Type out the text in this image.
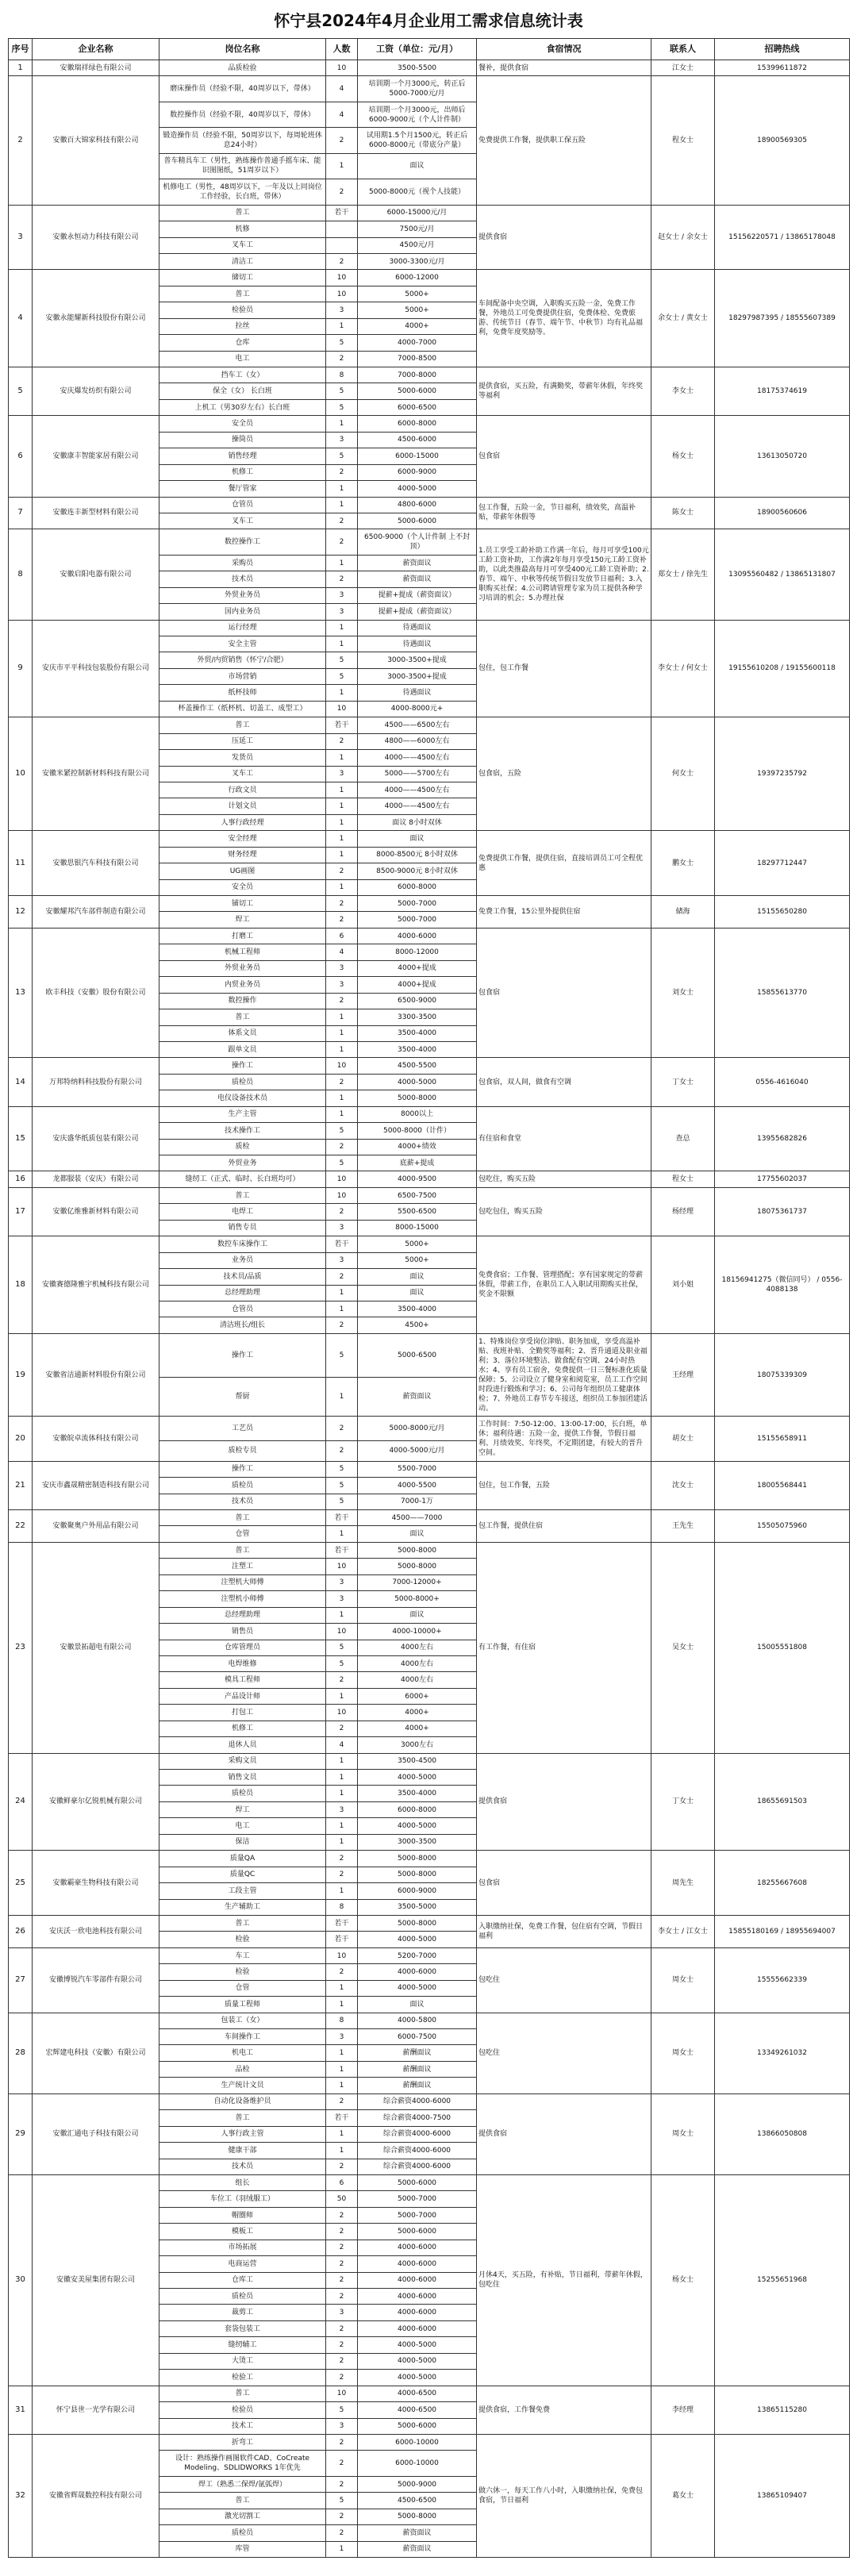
怀宁县2024年4月企业用工需求信息统计表
序号	企业名称	岗位名称	人数	工资（单位：元/月）	食宿情况	联系人	招聘热线
1	安徽瑞祥绿色有限公司	品质检验	10	3500-5500	餐补，提供食宿	江女士	15399611872
2	安徽百大锦家科技有限公司	磨床操作员（经验不限，40周岁以下，带休）	4	培训期一个月3000元，转正后5000-7000元/月	免费提供工作餐，提供职工保五险	程女士	18900569305
		数控操作员（经验不限，40周岁以下，带休）	4	培训期一个月3000元，出师后6000-9000元（个人计件制）			
		锻造操作员（经验不限，50周岁以下，每周轮班休息24小时）	2	试用期1.5个月1500元，转正后6000-8000元（带底分产量）			
		普车精具车工（男性，熟练操作普通手摇车床、能识图图纸，51周岁以下）	1	面议			
		机修电工（男性，48周岁以下，一年及以上同岗位工作经验，长白班，带休）	2	5000-8000元（视个人技能）			
3	安徽永恒动力科技有限公司	普工	若干	6000-15000元/月	提供食宿	赵女士 / 余女士	15156220571 / 13865178048
		机修		7500元/月			
		叉车工		4500元/月			
		清洁工	2	3000-3300元/月			
4	安徽永能耀新科技股份有限公司	储切工	10	6000-12000	车间配备中央空调，入职购买五险一金，免费工作餐，外地员工可免费提供住宿，免费体检、免费旅游、传统节日（春节、端午节、中秋节）均有礼品福利，免费年度奖励等。	余女士 / 黄女士	18297987395 / 18555607389
		普工	10	5000+			
		检验员	3	5000+			
		拉丝	1	4000+			
		仓库	5	4000-7000			
		电工	2	7000-8500			
5	安庆爆发纺织有限公司	挡车工（女）	8	7000-8000	提供食宿，买五险，有满勤奖，带薪年休假，年终奖等福利	李女士	18175374619
		保全（女） 长白班	5	5000-6000			
		上机工（男30岁左右）长白班	5	6000-6500			
6	安徽康丰智能家居有限公司	安全员	1	6000-8000	包食宿	杨女士	13613050720
		操筒员	3	4500-6000			
		销售经理	5	6000-15000			
		机修工	2	6000-9000			
		餐厅管家	1	4000-5000			
7	安徽连丰新型材料有限公司	仓管员	1	4800-6000	包工作餐，五险一金，节日福利，绩效奖，高温补贴，带薪年休假等	陈女士	18900560606
		叉车工	2	5000-6000			
8	安徽启阳电器有限公司	数控操作工	2	6500-9000（个人计件制 上不封顶）	1.员工享受工龄补助工作满一年后，每月可享受100元工龄工资补助，工作满2年每月享受150元工龄工资补助，以此类推最高每月可享受400元工龄工资补助；2.春节、端午、中秋等传统节假日发放节日福利；3.入职购买社保；4.公司聘请管理专家为员工提供各种学习培训的机会；5.办理社保	郑女士 / 徐先生	13095560482 / 13865131807
		采购员	1	薪资面议			
		技术员	2	薪资面议			
		外贸业务员	3	提薪+提成（薪资面议）			
		国内业务员	3	提薪+提成（薪资面议）			
9	安庆市平平科技包装股份有限公司	运行经理	1	待遇面议	包住，包工作餐	李女士 / 何女士	19155610208 / 19155600118
		安全主管	1	待遇面议			
		外贸/内贸销售（怀宁/合肥）	5	3000-3500+提成			
		市场营销	5	3000-3500+提成			
		纸杯技师	1	待遇面议			
		杯盖操作工（纸杯机、切盖工、成型工）	10	4000-8000元+			
10	安徽米紧控制新材料科技有限公司	普工	若干	4500——6500左右	包食宿，五险	何女士	19397235792
		压延工	2	4800——6000左右			
		发货员	1	4000——4500左右			
		叉车工	3	5000——5700左右			
		行政文员	1	4000——4500左右			
		计划文员	1	4000——4500左右			
		人事行政经理	1	面议 8小时双休			
11	安徽思银汽车科技有限公司	安全经理	1	面议	免费提供工作餐，提供住宿，直接培训员工可全程优惠	鹏女士	18297712447
		财务经理	1	8000-8500元 8小时双休			
		UG画图	2	8500-9000元 8小时双休			
		安全员	1	6000-8000			
12	安徽耀邦汽车部件制造有限公司	铺切工	2	5000-7000	免费工作餐，15公里外提供住宿	储海	15155650280
		焊工	2	5000-7000			
13	欧丰科技（安徽）股份有限公司	打磨工	6	4000-6000	包食宿	刘女士	15855613770
		机械工程师	4	8000-12000			
		外贸业务员	3	4000+提成			
		内贸业务员	3	4000+提成			
		数控操作	2	6500-9000			
		普工	1	3300-3500			
		体系文员	1	3500-4000			
		跟单文员	1	3500-4000			
14	万邦特纳料科技股份有限公司	操作工	10	4500-5500	包食宿，双人间，做食有空调	丁女士	0556-4616040
		质检员	2	4000-5000			
		电仪设备技术员	1	5000-8000			
15	安庆盛华纸质包装有限公司	生产主管	1	8000以上	有住宿和食堂	查总	13955682826
		技术操作工	5	5000-8000（计件）			
		质检	2	4000+绩效			
		外贸业务	5	底薪+提成			
16	龙都服装（安庆）有限公司	缝纫工（正式、临时、长白班均可）	10	4000-9500	包吃住，购买五险	程女士	17755602037
17	安徽亿维雅新材料有限公司	普工	10	6500-7500	包吃包住，购买五险	杨经理	18075361737
		电焊工	2	5500-6500			
		销售专员	3	8000-15000			
18	安徽赛德隆雅宇机械科技有限公司	数控车床操作工	若干	5000+	免费食宿；工作餐、管理搭配；享有国家规定的带薪休假，带薪工作，在职员工人入职试用期购买社保，奖金不限额	刘小姐	18156941275（微信同号） / 0556-4088138
		业务员	3	5000+			
		技术员/品质	2	面议			
		总经理助理	1	面议			
		仓管员	1	3500-4000			
		清洁班长/组长	2	4500+			
19	安徽省洁通新材料股份有限公司	操作工	5	5000-6500	1、特殊岗位享受岗位津贴、职务加成，享受高温补贴、夜班补贴、全勤奖等福利；2、晋升通道及职业福利；3、落位环境整洁、做食配有空调、24小时热水；4、享有员工宿舍，免费提供一日三餐标准化质量保障；5、公司设立了健身室和阅览室，员工工作空间时段进行锻炼和学习；6、公司每年组织员工健康体检；7、外地员工春节专车接送，组织员工参加团建活动。	王经理	18075339309
		帮厨	1	薪资面议			
20	安徽皖卓流体科技有限公司	工艺员	2	5000-8000元/月	工作时间：7:50-12:00、13:00-17:00，长白班，单休；福利待遇：五险一金，提供工作餐，节假日福利、月绩效奖、年终奖，不定期团建，有较大的晋升空间。	胡女士	15155658911
		质检专员	2	4000-5000元/月			
21	安庆市鑫晟精密制造科技有限公司	操作工	5	5500-7000	包住，包工作餐，五险	沈女士	18005568441
		质检员	5	4000-5500			
		技术员	5	7000-1万			
22	安徽聚奥户外用品有限公司	普工	若干	4500——7000	包工作餐，提供住宿	王先生	15505075960
		仓管	1	面议			
23	安徽景拓超电有限公司	普工	若干	5000-8000	有工作餐，有住宿	吴女士	15005551808
		注塑工	10	5000-8000			
		注塑机大师傅	3	7000-12000+			
		注塑机小师傅	3	5000-8000+			
		总经理助理	1	面议			
		销售员	10	4000-10000+			
		仓库管理员	5	4000左右			
		电焊维修	5	4000左右			
		模具工程师	2	4000左右			
		产品设计师	1	6000+			
		打包工	10	4000+			
		机修工	2	4000+			
		退休人员	4	3000左右			
24	安徽鲜豪尔亿锐机械有限公司	采购文员	1	3500-4500	提供食宿	丁女士	18655691503
		销售文员	1	4000-5000			
		质检员	1	3500-4000			
		焊工	3	6000-8000			
		电工	1	4000-5000			
		保洁	1	3000-3500			
25	安徽霸豪生物科技有限公司	质量QA	2	5000-8000	包食宿	周先生	18255667608
		质量QC	2	5000-8000			
		工段主管	1	6000-9000			
		生产辅助工	8	3500-5000			
26	安庆沃一欣电池科技有限公司	普工	若干	5000-8000	入职缴纳社保，免费工作餐，包住宿有空调，节假日福利	李女士 / 江女士	15855180169 / 18955694007
		检验	若干	4000-5000			
27	安徽博锐汽车零部件有限公司	车工	10	5200-7000	包吃住	周女士	15555662339
		检验	2	4000-6000			
		仓管	1	4000-5000			
		质量工程师	1	面议			
28	宏辉建电科技（安徽）有限公司	包装工（女）	8	4000-5800	包吃住	周女士	13349261032
		车间操作工	3	6000-7500			
		机电工	1	薪酬面议			
		品检	1	薪酬面议			
		生产统计文员	1	薪酬面议			
29	安徽汇通电子科技有限公司	自动化设备维护员	2	综合薪资4000-6000	提供食宿	周女士	13866050808
		普工	若干	综合薪资4000-7500			
		人事行政主管	1	综合薪资4000-6000			
		健康干部	1	综合薪资4000-6000			
		技术员	2	综合薪资4000-6000			
30	安徽安美屋集团有限公司	组长	6	5000-6000	月休4天，买五险，有补贴，节日福利，带薪年休假，包吃住	杨女士	15255651968
		车位工（羽绒服工）	50	5000-7000			
		帽圈师	2	5000-7000			
		模板工	2	5000-6000			
		市场拓展	2	4000-6000			
		电商运营	2	4000-6000			
		仓库工	2	4000-6000			
		质检员	2	4000-6000			
		裁剪工	3	4000-6000			
		套袋包装工	2	4000-6000			
		缝纫辅工	2	4000-5000			
		大烫工	2	4000-5000			
		检验工	2	4000-5000			
31	怀宁县世一光学有限公司	普工	10	4000-6500	提供食宿，工作餐免费	李经理	13865115280
		检验员	5	4000-6500			
		技术工	3	5000-6000			
32	安徽省辉晟数控科技有限公司	折弯工	2	6000-10000	做六休一，每天工作八小时，入职缴纳社保，免费包食宿，节日福利	葛女士	13865109407
		设计：熟练操作画图软件CAD、CoCreate Modeling、SDLIDWORKS 1年优先	2	6000-10000			
		焊工（熟悉二保焊/氩弧焊）	2	5000-9000			
		普工	5	4500-6500			
		激光切割工	2	5000-8000			
		质检员	2	薪资面议			
		库管	1	薪资面议			
